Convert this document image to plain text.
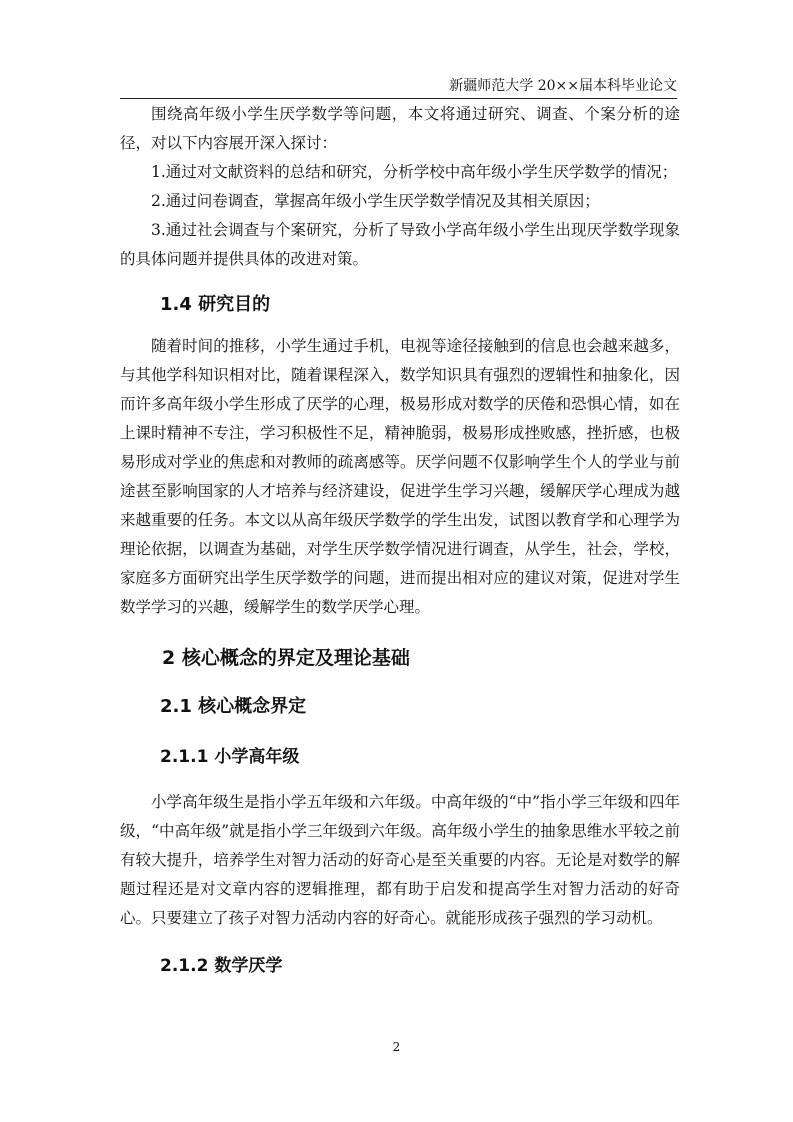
新疆师范大学 20××届本科毕业论文

围绕高年级小学生厌学数学等问题，本文将通过研究、调查、个案分析的途径，对以下内容展开深入探讨：

1.通过对文献资料的总结和研究，分析学校中高年级小学生厌学数学的情况；

2.通过问卷调查，掌握高年级小学生厌学数学情况及其相关原因；

3.通过社会调查与个案研究，分析了导致小学高年级小学生出现厌学数学现象的具体问题并提供具体的改进对策。

1.4 研究目的

随着时间的推移，小学生通过手机，电视等途径接触到的信息也会越来越多，与其他学科知识相对比，随着课程深入，数学知识具有强烈的逻辑性和抽象化，因而许多高年级小学生形成了厌学的心理，极易形成对数学的厌倦和恐惧心情，如在上课时精神不专注，学习积极性不足，精神脆弱，极易形成挫败感，挫折感，也极易形成对学业的焦虑和对教师的疏离感等。厌学问题不仅影响学生个人的学业与前途甚至影响国家的人才培养与经济建设，促进学生学习兴趣，缓解厌学心理成为越来越重要的任务。本文以从高年级厌学数学的学生出发，试图以教育学和心理学为理论依据，以调查为基础，对学生厌学数学情况进行调查，从学生，社会，学校，家庭多方面研究出学生厌学数学的问题，进而提出相对应的建议对策，促进对学生数学学习的兴趣，缓解学生的数学厌学心理。

2 核心概念的界定及理论基础
2.1 核心概念界定
2.1.1 小学高年级

小学高年级生是指小学五年级和六年级。中高年级的“中”指小学三年级和四年级，“中高年级”就是指小学三年级到六年级。高年级小学生的抽象思维水平较之前有较大提升，培养学生对智力活动的好奇心是至关重要的内容。无论是对数学的解题过程还是对文章内容的逻辑推理，都有助于启发和提高学生对智力活动的好奇心。只要建立了孩子对智力活动内容的好奇心。就能形成孩子强烈的学习动机。

2.1.2 数学厌学
2
